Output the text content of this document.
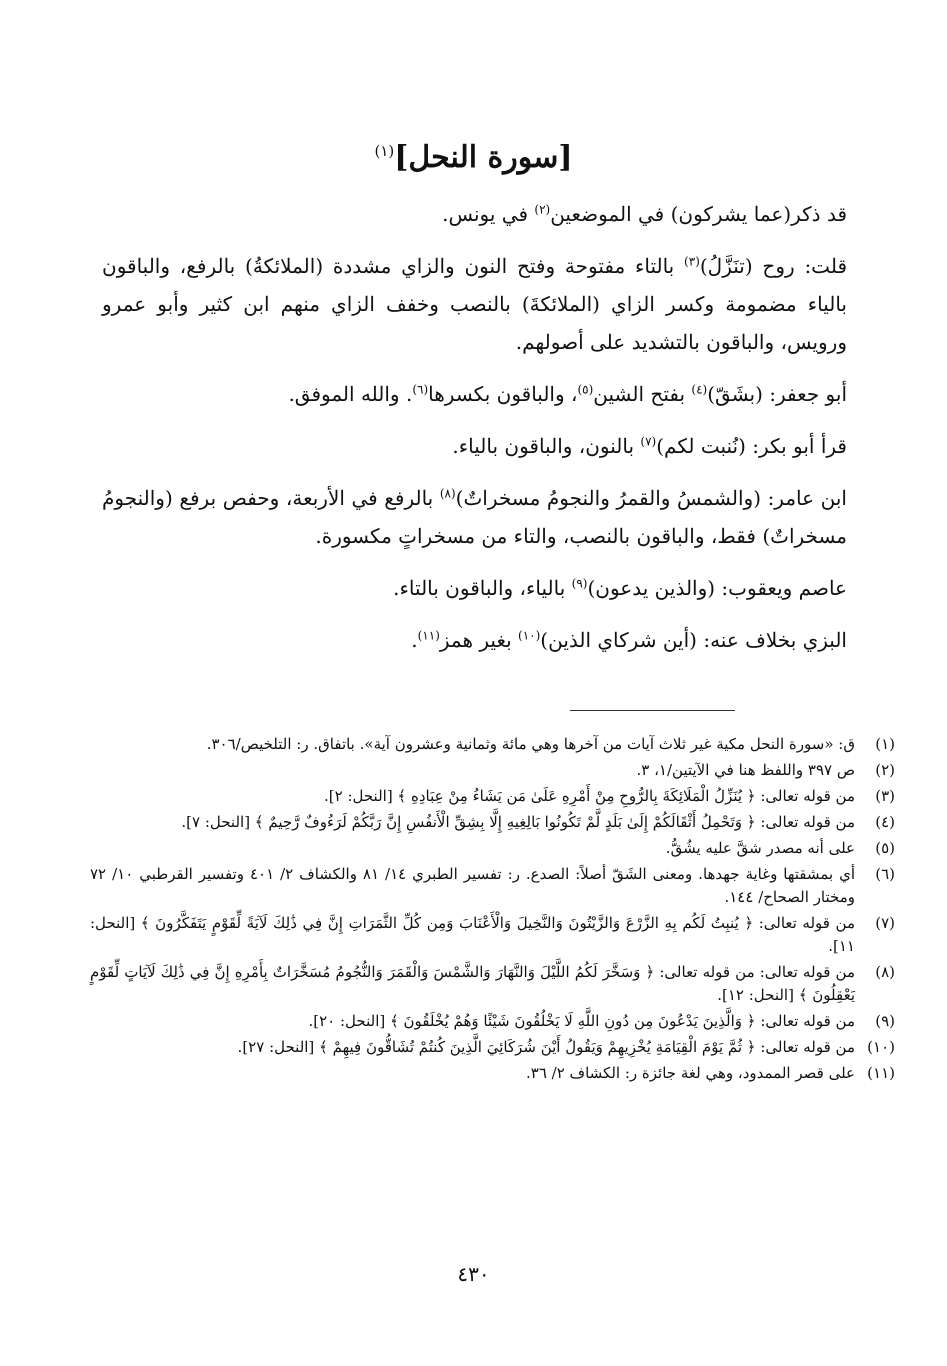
[سورة النحل]$^{(١)}$

قد ذكر(عما يشركون) في الموضعين$^{(٢)}$ في يونس.

قلت: روح (تنَزَّلُ)$^{(٣)}$ بالتاء مفتوحة وفتح النون والزاي مشددة (الملائكةُ) بالرفع، والباقون بالياء مضمومة وكسر الزاي (الملائكةَ) بالنصب وخفف الزاي منهم ابن كثير وأبو عمرو ورويس، والباقون بالتشديد على أصولهم.

أبو جعفر: (بشَقّ)$^{(٤)}$ بفتح الشين$^{(٥)}$، والباقون بكسرها$^{(٦)}$. والله الموفق.

قرأ أبو بكر: (نُنبت لكم)$^{(٧)}$ بالنون، والباقون بالياء.

ابن عامر: (والشمسُ والقمرُ والنجومُ مسخراتٌ)$^{(٨)}$ بالرفع في الأربعة، وحفص برفع (والنجومُ مسخراتٌ) فقط، والباقون بالنصب، والتاء من مسخراتٍ مكسورة.

عاصم ويعقوب: (والذين يدعون)$^{(٩)}$ بالياء، والباقون بالتاء.

البزي بخلاف عنه: (أين شركاي الذين)$^{(١٠)}$ بغير همز$^{(١١)}$.

(١)
ق: «سورة النحل مكية غير ثلاث آيات من آخرها وهي مائة وثمانية وعشرون آية». باتفاق. ر: التلخيص/٣٠٦.
(٢)
ص ٣٩٧ واللفظ هنا في الآيتين/١، ٣.
(٣)
من قوله تعالى: ﴿ يُنَزِّلُ الْمَلَائِكَةَ بِالرُّوحِ مِنْ أَمْرِهِ عَلَىٰ مَن يَشَاءُ مِنْ عِبَادِهِ ﴾ [النحل: ٢].
(٤)
من قوله تعالى: ﴿ وَتَحْمِلُ أَثْقَالَكُمْ إِلَىٰ بَلَدٍ لَّمْ تَكُونُوا بَالِغِيهِ إِلَّا بِشِقِّ الْأَنفُسِ إِنَّ رَبَّكُمْ لَرَءُوفٌ رَّحِيمٌ ﴾ [النحل: ٧].
(٥)
على أنه مصدر شقَّ عليه يشُقُّ.
(٦)
أي بمشقتها وغاية جهدها. ومعنى الشَقّ أصلاً: الصدع. ر: تفسير الطبري ١٤/ ٨١ والكشاف ٢/ ٤٠١ وتفسير القرطبي ١٠/ ٧٢ ومختار الصحاح/ ١٤٤.
(٧)
من قوله تعالى: ﴿ يُنبِتُ لَكُم بِهِ الزَّرْعَ وَالزَّيْتُونَ وَالنَّخِيلَ وَالْأَعْنَابَ وَمِن كُلِّ الثَّمَرَاتِ إِنَّ فِي ذَٰلِكَ لَآيَةً لِّقَوْمٍ يَتَفَكَّرُونَ ﴾ [النحل: ١١].
(٨)
من قوله تعالى: من قوله تعالى: ﴿ وَسَخَّرَ لَكُمُ اللَّيْلَ وَالنَّهَارَ وَالشَّمْسَ وَالْقَمَرَ وَالنُّجُومُ مُسَخَّرَاتٌ بِأَمْرِهِ إِنَّ فِي ذَٰلِكَ لَآيَاتٍ لِّقَوْمٍ يَعْقِلُونَ ﴾ [النحل: ١٢].
(٩)
من قوله تعالى: ﴿ وَالَّذِينَ يَدْعُونَ مِن دُونِ اللَّهِ لَا يَخْلُقُونَ شَيْئًا وَهُمْ يُخْلَقُونَ ﴾ [النحل: ٢٠].
(١٠)
من قوله تعالى: ﴿ ثُمَّ يَوْمَ الْقِيَامَةِ يُخْزِيهِمْ وَيَقُولُ أَيْنَ شُرَكَائِيَ الَّذِينَ كُنتُمْ تُشَاقُّونَ فِيهِمْ ﴾ [النحل: ٢٧].
(١١)
على قصر الممدود، وهي لغة جائزة ر: الكشاف ٢/ ٣٦.
٤٣٠
